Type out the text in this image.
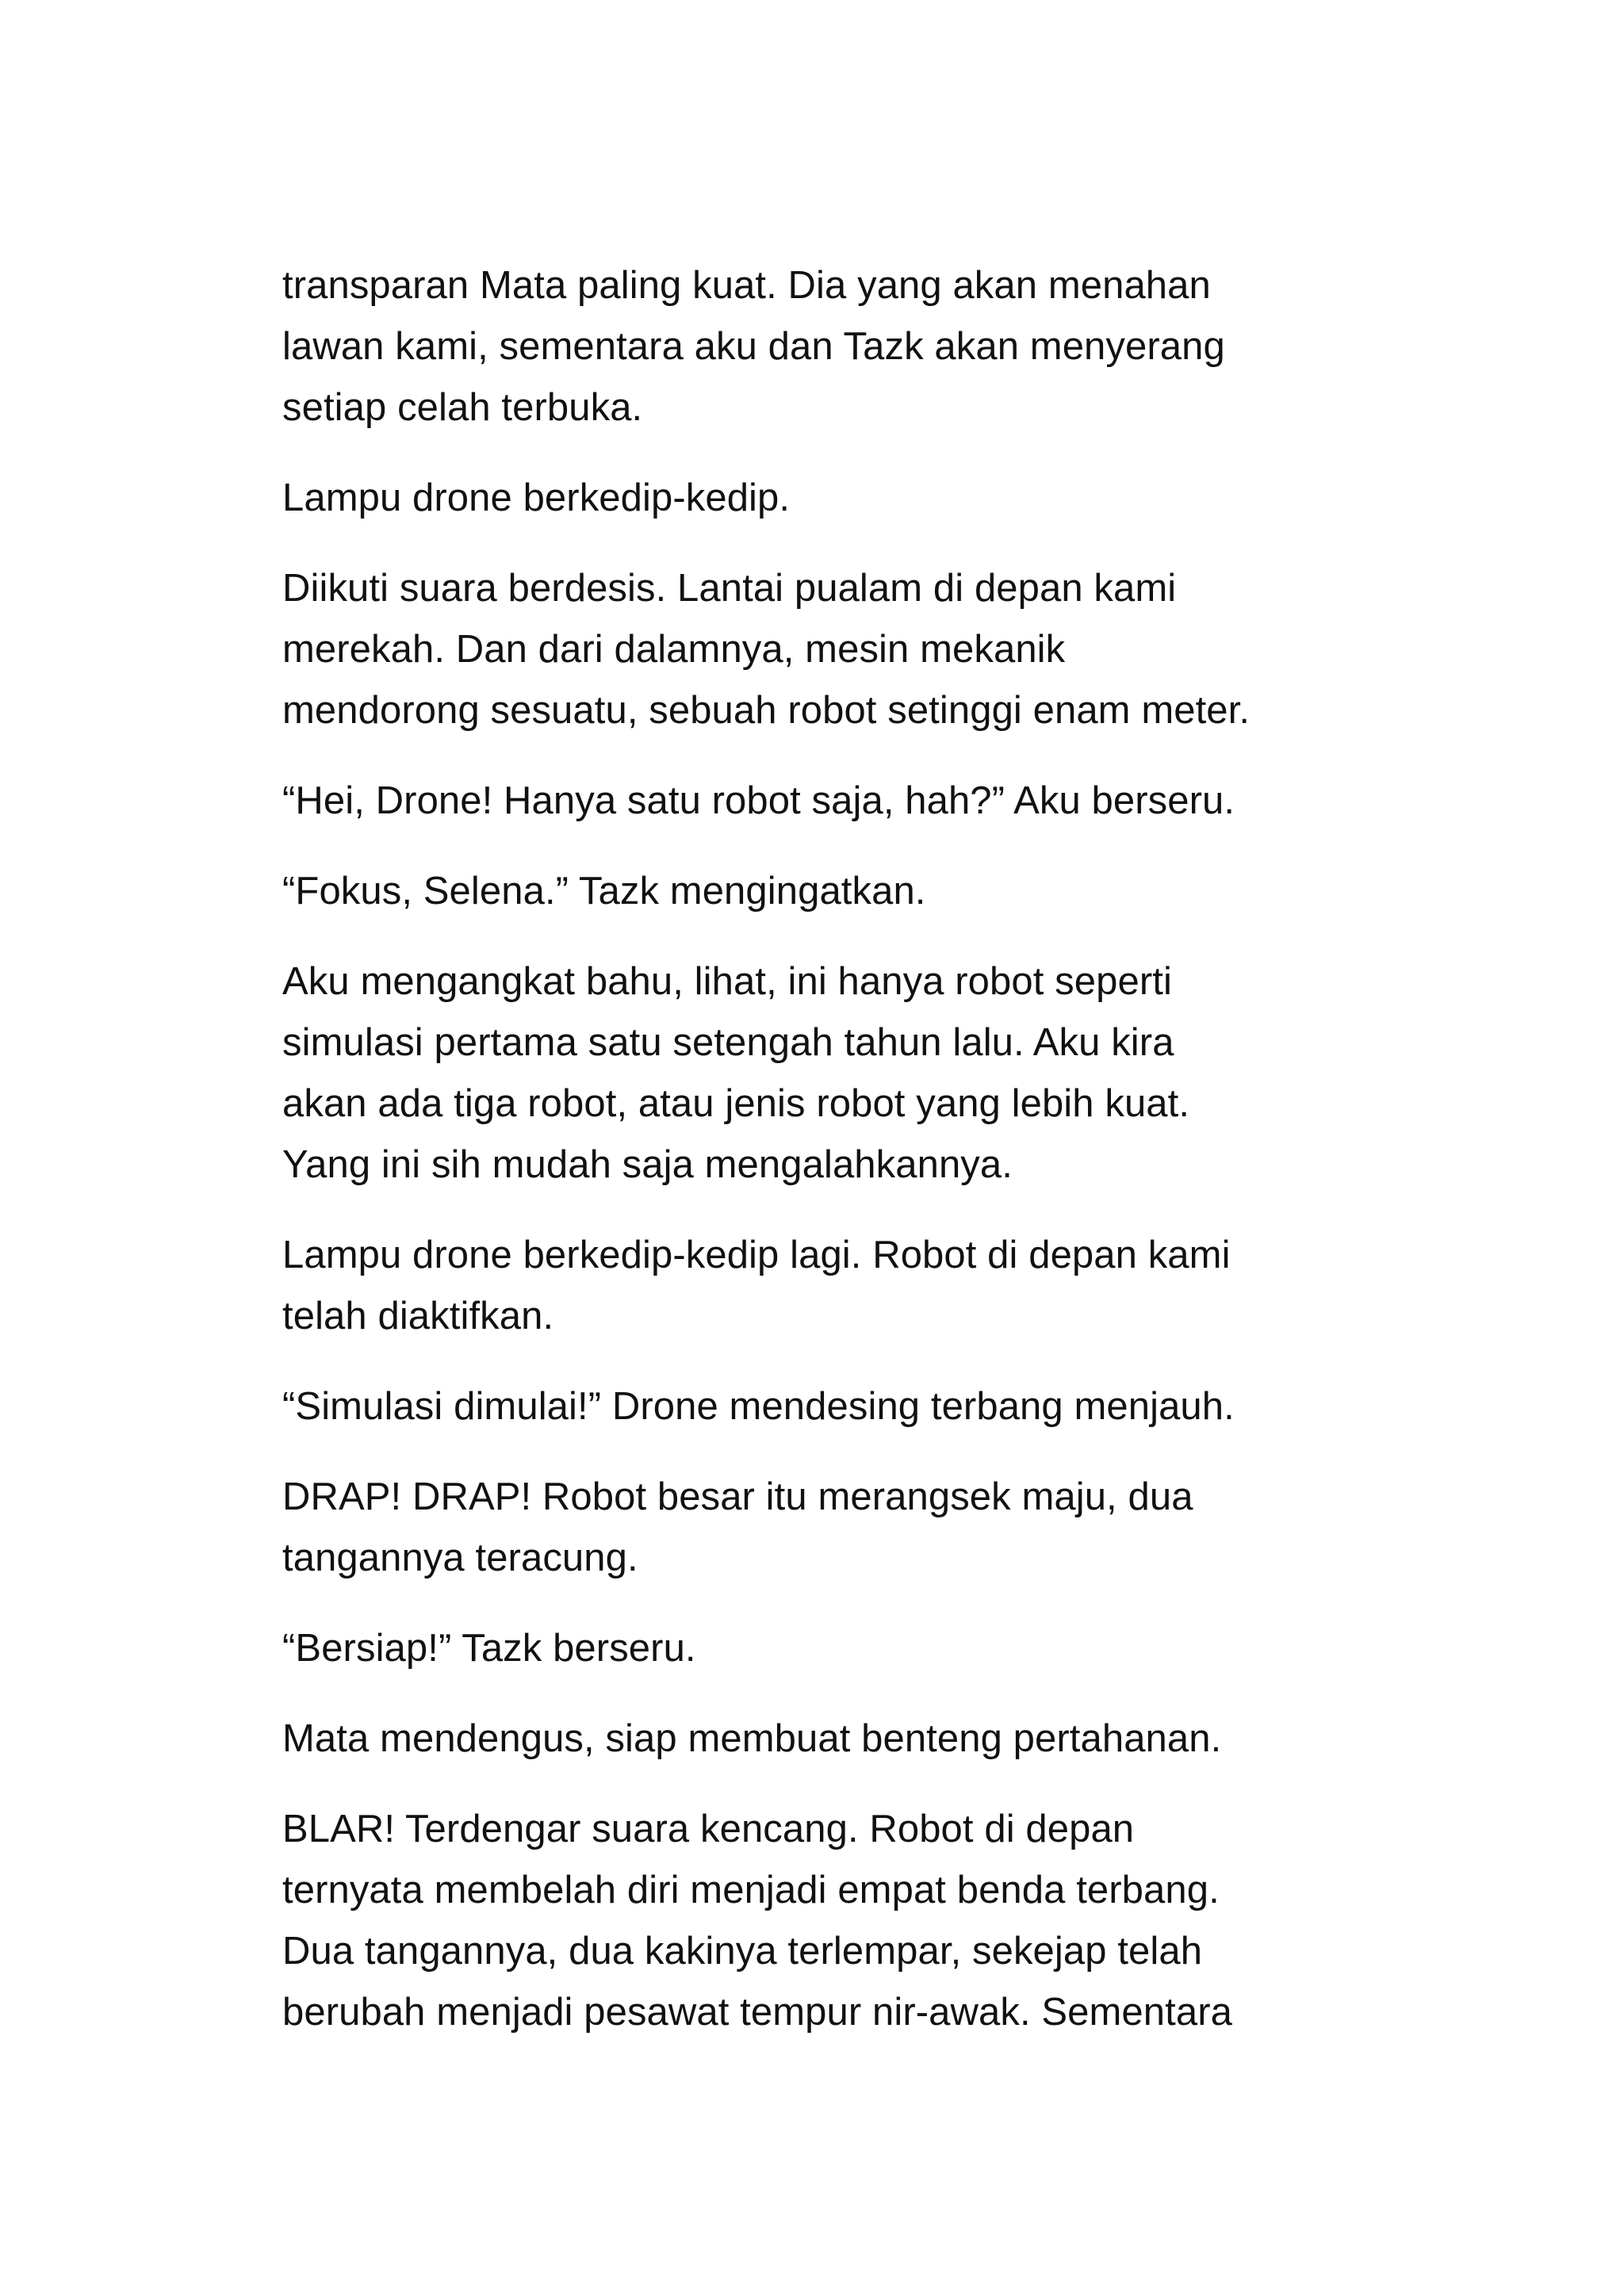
transparan Mata paling kuat. Dia yang akan menahan
lawan kami, sementara aku dan Tazk akan menyerang
setiap celah terbuka.

Lampu drone berkedip-kedip.

Diikuti suara berdesis. Lantai pualam di depan kami
merekah. Dan dari dalamnya, mesin mekanik
mendorong sesuatu, sebuah robot setinggi enam meter.

“Hei, Drone! Hanya satu robot saja, hah?” Aku berseru.

“Fokus, Selena.” Tazk mengingatkan.

Aku mengangkat bahu, lihat, ini hanya robot seperti
simulasi pertama satu setengah tahun lalu. Aku kira
akan ada tiga robot, atau jenis robot yang lebih kuat.
Yang ini sih mudah saja mengalahkannya.

Lampu drone berkedip-kedip lagi. Robot di depan kami
telah diaktifkan.

“Simulasi dimulai!” Drone mendesing terbang menjauh.

DRAP! DRAP! Robot besar itu merangsek maju, dua
tangannya teracung.

“Bersiap!” Tazk berseru.

Mata mendengus, siap membuat benteng pertahanan.

BLAR! Terdengar suara kencang. Robot di depan
ternyata membelah diri menjadi empat benda terbang.
Dua tangannya, dua kakinya terlempar, sekejap telah
berubah menjadi pesawat tempur nir-awak. Sementara
